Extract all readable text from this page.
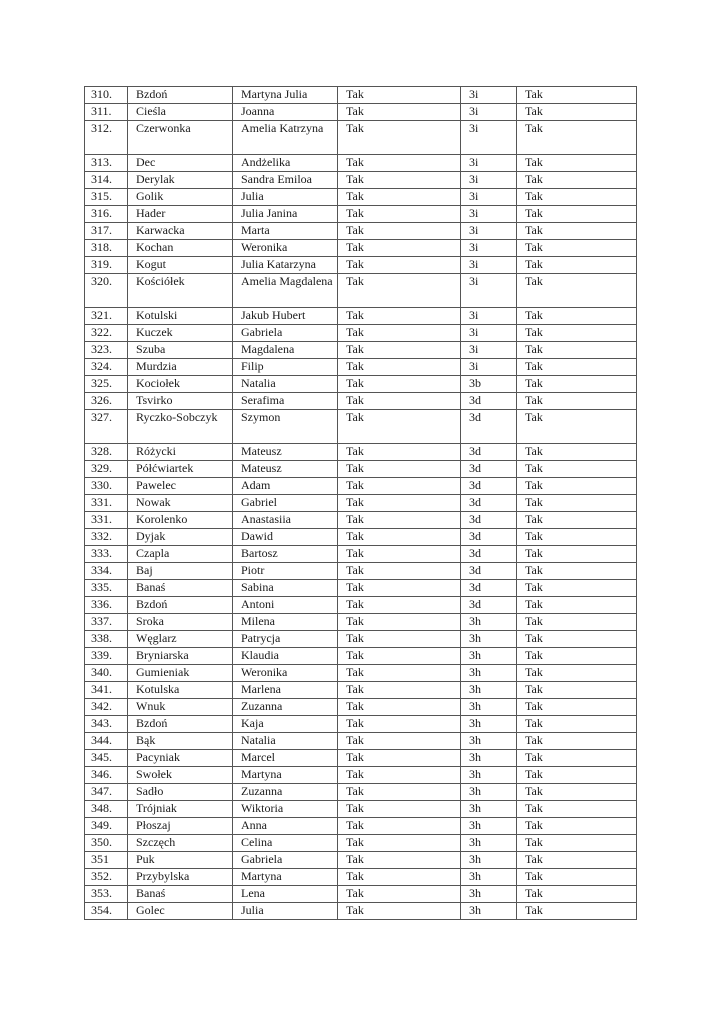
310.	Bzdoń	Martyna Julia	Tak	3i	Tak
311.	Cieśla	Joanna	Tak	3i	Tak
312.	Czerwonka	Amelia Katrzyna	Tak	3i	Tak
313.	Dec	Andżelika	Tak	3i	Tak
314.	Derylak	Sandra Emiloa	Tak	3i	Tak
315.	Golik	Julia	Tak	3i	Tak
316.	Hader	Julia Janina	Tak	3i	Tak
317.	Karwacka	Marta	Tak	3i	Tak
318.	Kochan	Weronika	Tak	3i	Tak
319.	Kogut	Julia Katarzyna	Tak	3i	Tak
320.	Kościółek	Amelia Magdalena	Tak	3i	Tak
321.	Kotulski	Jakub Hubert	Tak	3i	Tak
322.	Kuczek	Gabriela	Tak	3i	Tak
323.	Szuba	Magdalena	Tak	3i	Tak
324.	Murdzia	Filip	Tak	3i	Tak
325.	Kociołek	Natalia	Tak	3b	Tak
326.	Tsvirko	Serafima	Tak	3d	Tak
327.	Ryczko-Sobczyk	Szymon	Tak	3d	Tak
328.	Różycki	Mateusz	Tak	3d	Tak
329.	Półćwiartek	Mateusz	Tak	3d	Tak
330.	Pawelec	Adam	Tak	3d	Tak
331.	Nowak	Gabriel	Tak	3d	Tak
331.	Korolenko	Anastasiia	Tak	3d	Tak
332.	Dyjak	Dawid	Tak	3d	Tak
333.	Czapla	Bartosz	Tak	3d	Tak
334.	Baj	Piotr	Tak	3d	Tak
335.	Banaś	Sabina	Tak	3d	Tak
336.	Bzdoń	Antoni	Tak	3d	Tak
337.	Sroka	Milena	Tak	3h	Tak
338.	Węglarz	Patrycja	Tak	3h	Tak
339.	Bryniarska	Klaudia	Tak	3h	Tak
340.	Gumieniak	Weronika	Tak	3h	Tak
341.	Kotulska	Marlena	Tak	3h	Tak
342.	Wnuk	Zuzanna	Tak	3h	Tak
343.	Bzdoń	Kaja	Tak	3h	Tak
344.	Bąk	Natalia	Tak	3h	Tak
345.	Pacyniak	Marcel	Tak	3h	Tak
346.	Swołek	Martyna	Tak	3h	Tak
347.	Sadło	Zuzanna	Tak	3h	Tak
348.	Trójniak	Wiktoria	Tak	3h	Tak
349.	Płoszaj	Anna	Tak	3h	Tak
350.	Szczęch	Celina	Tak	3h	Tak
351	Puk	Gabriela	Tak	3h	Tak
352.	Przybylska	Martyna	Tak	3h	Tak
353.	Banaś	Lena	Tak	3h	Tak
354.	Golec	Julia	Tak	3h	Tak
